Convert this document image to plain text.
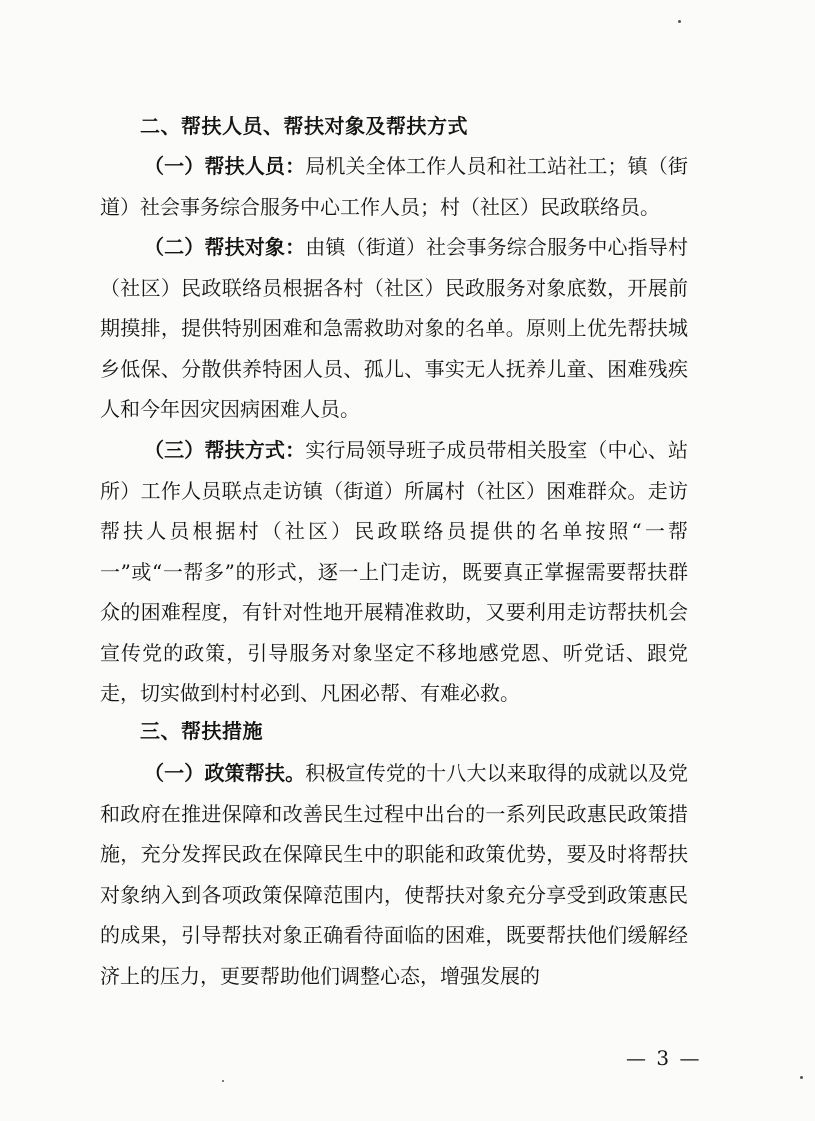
二、帮扶人员、帮扶对象及帮扶方式

（一）帮扶人员：局机关全体工作人员和社工站社工；镇（街道）社会事务综合服务中心工作人员；村（社区）民政联络员。

（二）帮扶对象：由镇（街道）社会事务综合服务中心指导村（社区）民政联络员根据各村（社区）民政服务对象底数，开展前期摸排，提供特别困难和急需救助对象的名单。原则上优先帮扶城乡低保、分散供养特困人员、孤儿、事实无人抚养儿童、困难残疾人和今年因灾因病困难人员。

（三）帮扶方式：实行局领导班子成员带相关股室（中心、站所）工作人员联点走访镇（街道）所属村（社区）困难群众。走访帮扶人员根据村（社区）民政联络员提供的名单按照“一帮一”或“一帮多”的形式，逐一上门走访，既要真正掌握需要帮扶群众的困难程度，有针对性地开展精准救助，又要利用走访帮扶机会宣传党的政策，引导服务对象坚定不移地感党恩、听党话、跟党走，切实做到村村必到、凡困必帮、有难必救。

三、帮扶措施

（一）政策帮扶。积极宣传党的十八大以来取得的成就以及党和政府在推进保障和改善民生过程中出台的一系列民政惠民政策措施，充分发挥民政在保障民生中的职能和政策优势，要及时将帮扶对象纳入到各项政策保障范围内，使帮扶对象充分享受到政策惠民的成果，引导帮扶对象正确看待面临的困难，既要帮扶他们缓解经济上的压力，更要帮助他们调整心态，增强发展的

— 3 —
